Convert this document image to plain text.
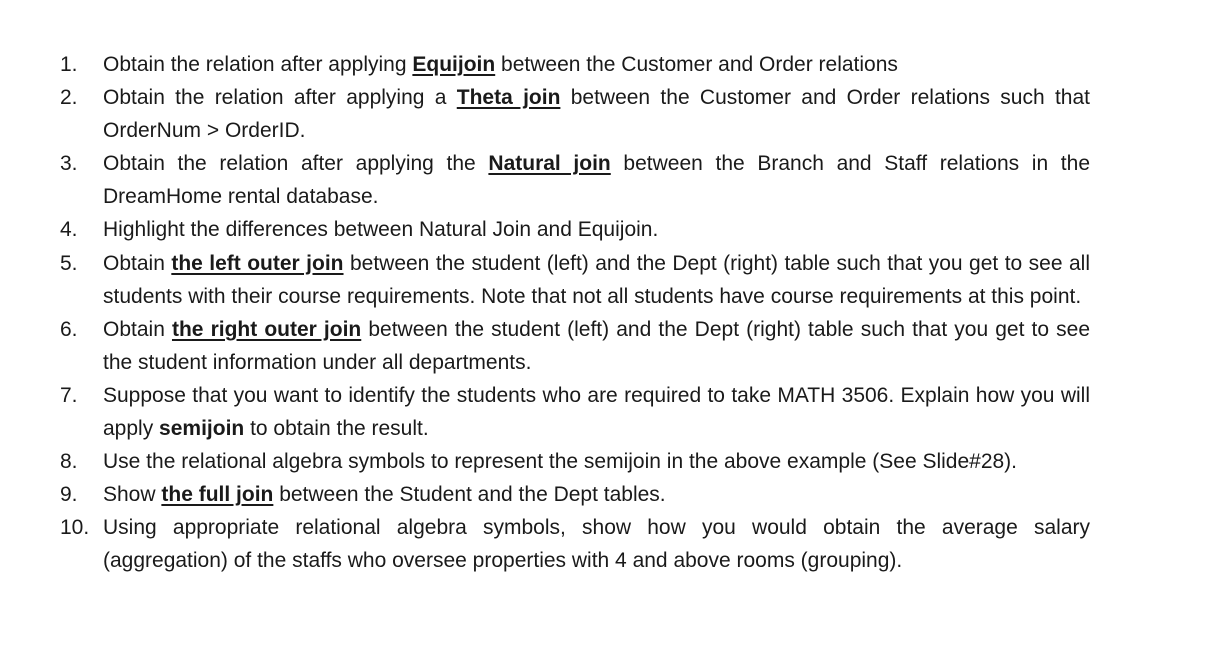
1.	Obtain the relation after applying Equijoin between the Customer and Order relations
2.	Obtain the relation after applying a Theta join between the Customer and Order relations such that OrderNum > OrderID.
3.	Obtain the relation after applying the Natural join between the Branch and Staff relations in the DreamHome rental database.
4.	Highlight the differences between Natural Join and Equijoin.
5.	Obtain the left outer join between the student (left) and the Dept (right) table such that you get to see all students with their course requirements. Note that not all students have course requirements at this point.
6.	Obtain the right outer join between the student (left) and the Dept (right) table such that you get to see the student information under all departments.
7.	Suppose that you want to identify the students who are required to take MATH 3506. Explain how you will apply semijoin to obtain the result.
8.	Use the relational algebra symbols to represent the semijoin in the above example (See Slide#28).
9.	Show the full join between the Student and the Dept tables.
10. Using appropriate relational algebra symbols, show how you would obtain the average salary (aggregation) of the staffs who oversee properties with 4 and above rooms (grouping).
